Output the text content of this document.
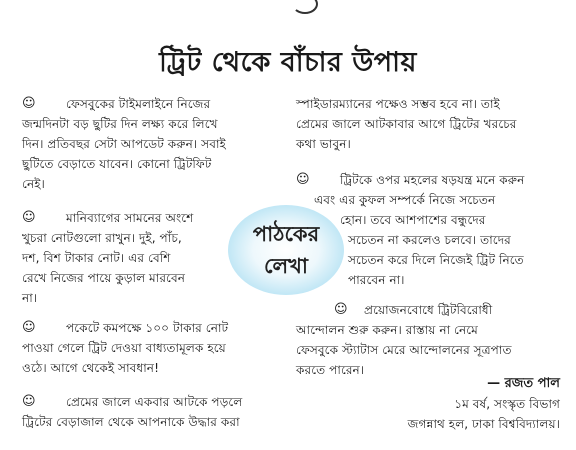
ট্রিট থেকে বাঁচার উপায়
☺ ফেসবুকের টাইমলাইনে নিজের
জন্মদিনটা বড় ছুটির দিন লক্ষ্য করে লিখে
দিন। প্রতিবছর সেটা আপডেট করুন। সবাই
ছুটিতে বেড়াতে যাবেন। কোনো ট্রিটফিট
নেই।
☺ মানিব্যাগের সামনের অংশে
খুচরা নোটগুলো রাখুন। দুই, পাঁচ,
দশ, বিশ টাকার নোট। এর বেশি
রেখে নিজের পায়ে কুড়াল মারবেন
না।
☺ পকেটে কমপক্ষে ১০০ টাকার নোট
পাওয়া গেলে ট্রিট দেওয়া বাধ্যতামূলক হয়ে
ওঠে। আগে থেকেই সাবধান!
☺ প্রেমের জালে একবার আটকে পড়লে
ট্রিটের বেড়াজাল থেকে আপনাকে উদ্ধার করা
পাঠকের
লেখা
স্পাইডারম্যানের পক্ষেও সম্ভব হবে না। তাই
প্রেমের জালে আটকাবার আগে ট্রিটের খরচের
কথা ভাবুন।
☺ ট্রিটকে ওপর মহলের ষড়যন্ত্র মনে করুন
এবং এর কুফল সম্পর্কে নিজে সচেতন
হোন। তবে আশপাশের বন্ধুদের
সচেতন না করলেও চলবে। তাদের
সচেতন করে দিলে নিজেই ট্রিট নিতে
পারবেন না।
☺ প্রয়োজনবোধে ট্রিটবিরোধী
আন্দোলন শুরু করুন। রাস্তায় না নেমে
ফেসবুকে স্ট্যাটাস মেরে আন্দোলনের সূত্রপাত
করতে পারেন।
— রজত পাল
১ম বর্ষ, সংস্কৃত বিভাগ
জগন্নাথ হল, ঢাকা বিশ্ববিদ্যালয়।
